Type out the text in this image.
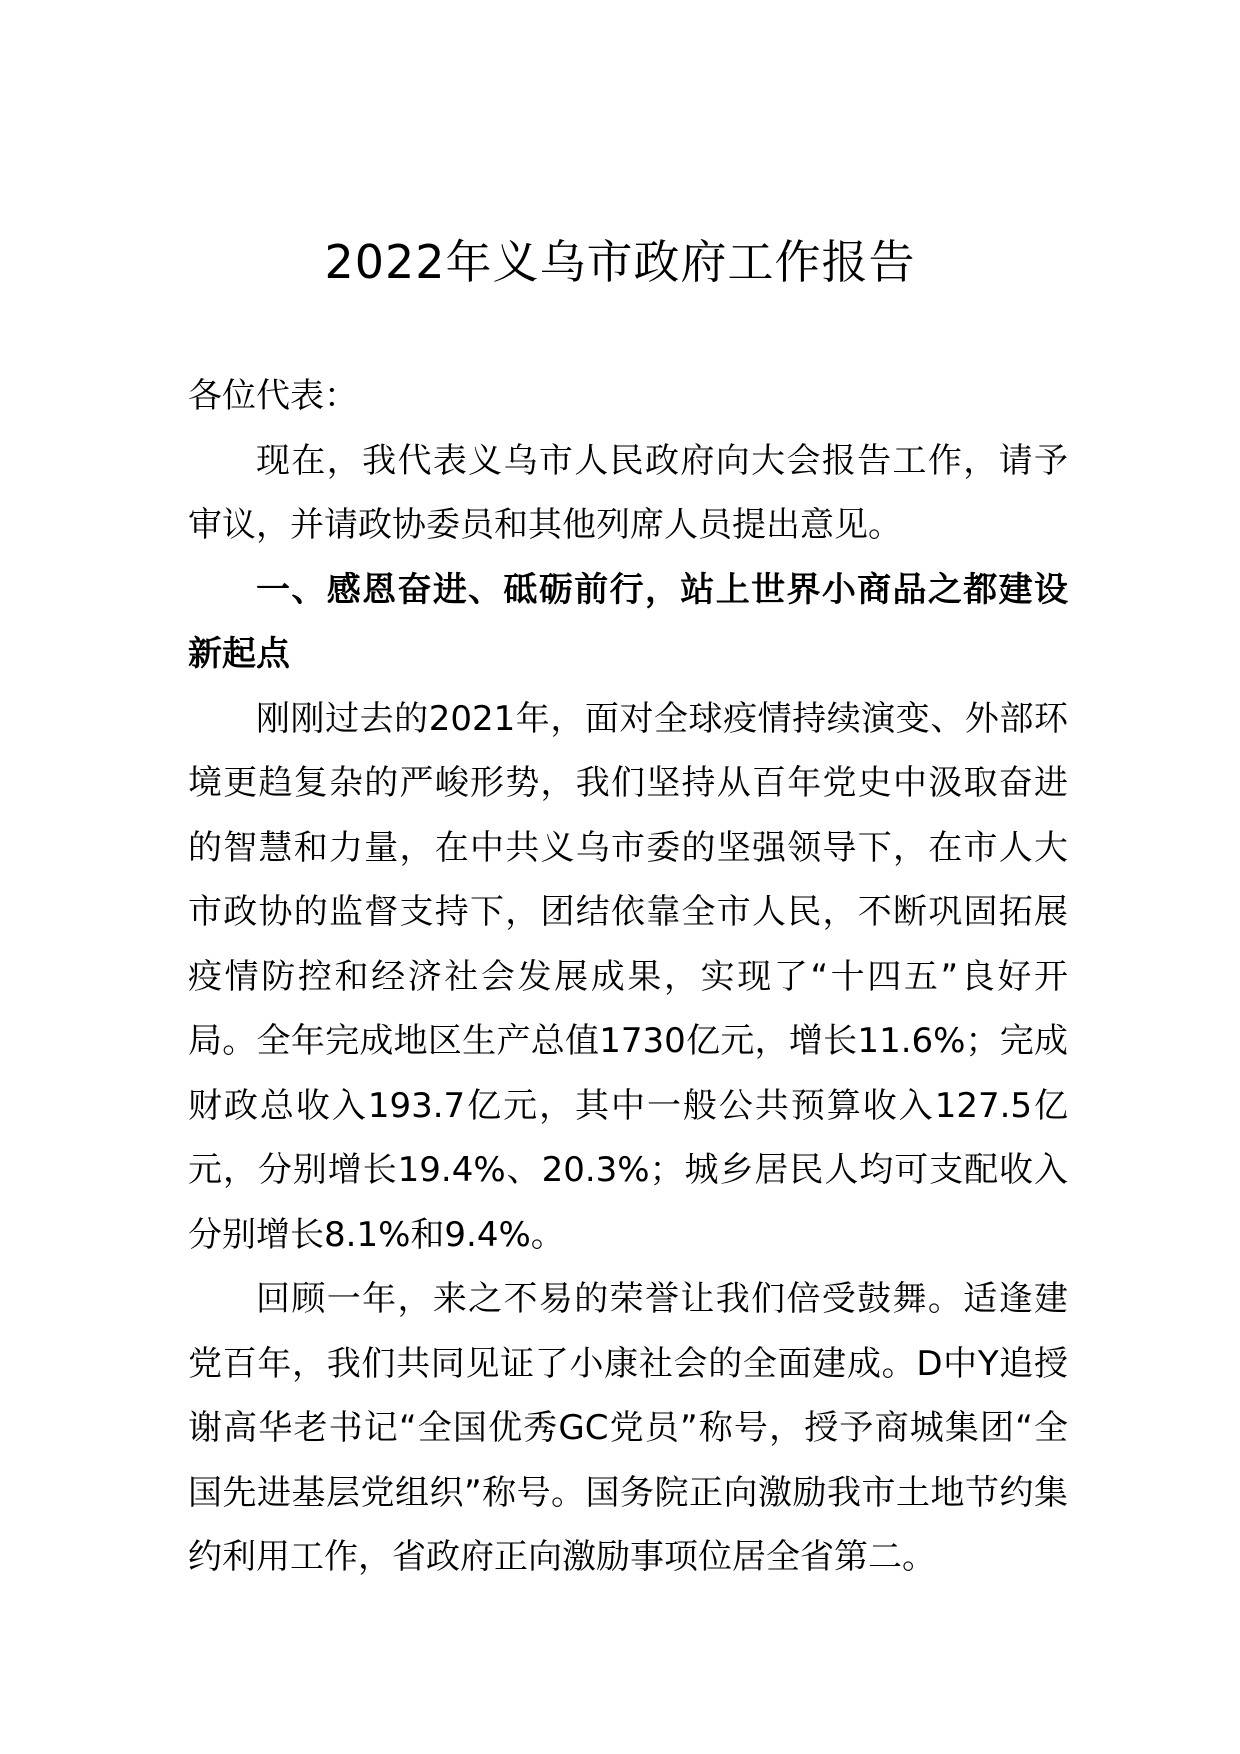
2022年义乌市政府工作报告

各位代表：

现在，我代表义乌市人民政府向大会报告工作，请予审议，并请政协委员和其他列席人员提出意见。

一、感恩奋进、砥砺前行，站上世界小商品之都建设新起点

刚刚过去的2021年，面对全球疫情持续演变、外部环境更趋复杂的严峻形势，我们坚持从百年党史中汲取奋进的智慧和力量，在中共义乌市委的坚强领导下，在市人大市政协的监督支持下，团结依靠全市人民，不断巩固拓展疫情防控和经济社会发展成果，实现了“十四五”良好开局。全年完成地区生产总值1730亿元，增长11.6%；完成财政总收入193.7亿元，其中一般公共预算收入127.5亿元，分别增长19.4%、20.3%；城乡居民人均可支配收入分别增长8.1%和9.4%。

回顾一年，来之不易的荣誉让我们倍受鼓舞。适逢建党百年，我们共同见证了小康社会的全面建成。D中Y追授谢高华老书记“全国优秀GC党员”称号，授予商城集团“全国先进基层党组织”称号。国务院正向激励我市土地节约集约利用工作，省政府正向激励事项位居全省第二。
